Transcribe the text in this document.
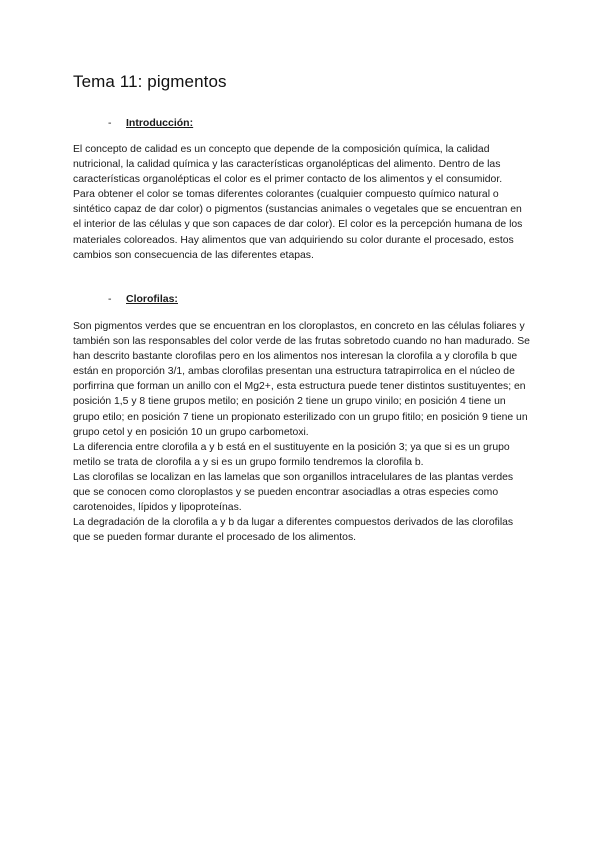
Tema 11: pigmentos
- Introducción:

El concepto de calidad es un concepto que depende de la composición química, la calidad nutricional, la calidad química y las características organolépticas del alimento. Dentro de las características organolépticas el color es el primer contacto de los alimentos y el consumidor.

Para obtener el color se tomas diferentes colorantes (cualquier compuesto químico natural o sintético capaz de dar color) o pigmentos (sustancias animales o vegetales que se encuentran en el interior de las células y que son capaces de dar color). El color es la percepción humana de los materiales coloreados. Hay alimentos que van adquiriendo su color durante el procesado, estos cambios son consecuencia de las diferentes etapas.

- Clorofilas:

Son pigmentos verdes que se encuentran en los cloroplastos, en concreto en las células foliares y también son las responsables del color verde de las frutas sobretodo cuando no han madurado. Se han descrito bastante clorofilas pero en los alimentos nos interesan la clorofila a y clorofila b que están en proporción 3/1, ambas clorofilas presentan una estructura tatrapirrolica en el núcleo de porfirrina que forman un anillo con el Mg2+, esta estructura puede tener distintos sustituyentes; en posición 1,5 y 8 tiene grupos metilo; en posición 2 tiene un grupo vinilo; en posición 4 tiene un grupo etilo; en posición 7 tiene un propionato esterilizado con un grupo fitilo; en posición 9 tiene un grupo cetol y en posición 10 un grupo carbometoxi.

La diferencia entre clorofila a y b está en el sustituyente en la posición 3; ya que si es un grupo metilo se trata de clorofila a y si es un grupo formilo tendremos la clorofila b.

Las clorofilas se localizan en las lamelas que son organillos intracelulares de las plantas verdes que se conocen como cloroplastos y se pueden encontrar asociadlas a otras especies como carotenoides, lípidos y lipoproteínas.

La degradación de la clorofila a y b da lugar a diferentes compuestos derivados de las clorofilas que se pueden formar durante el procesado de los alimentos.
